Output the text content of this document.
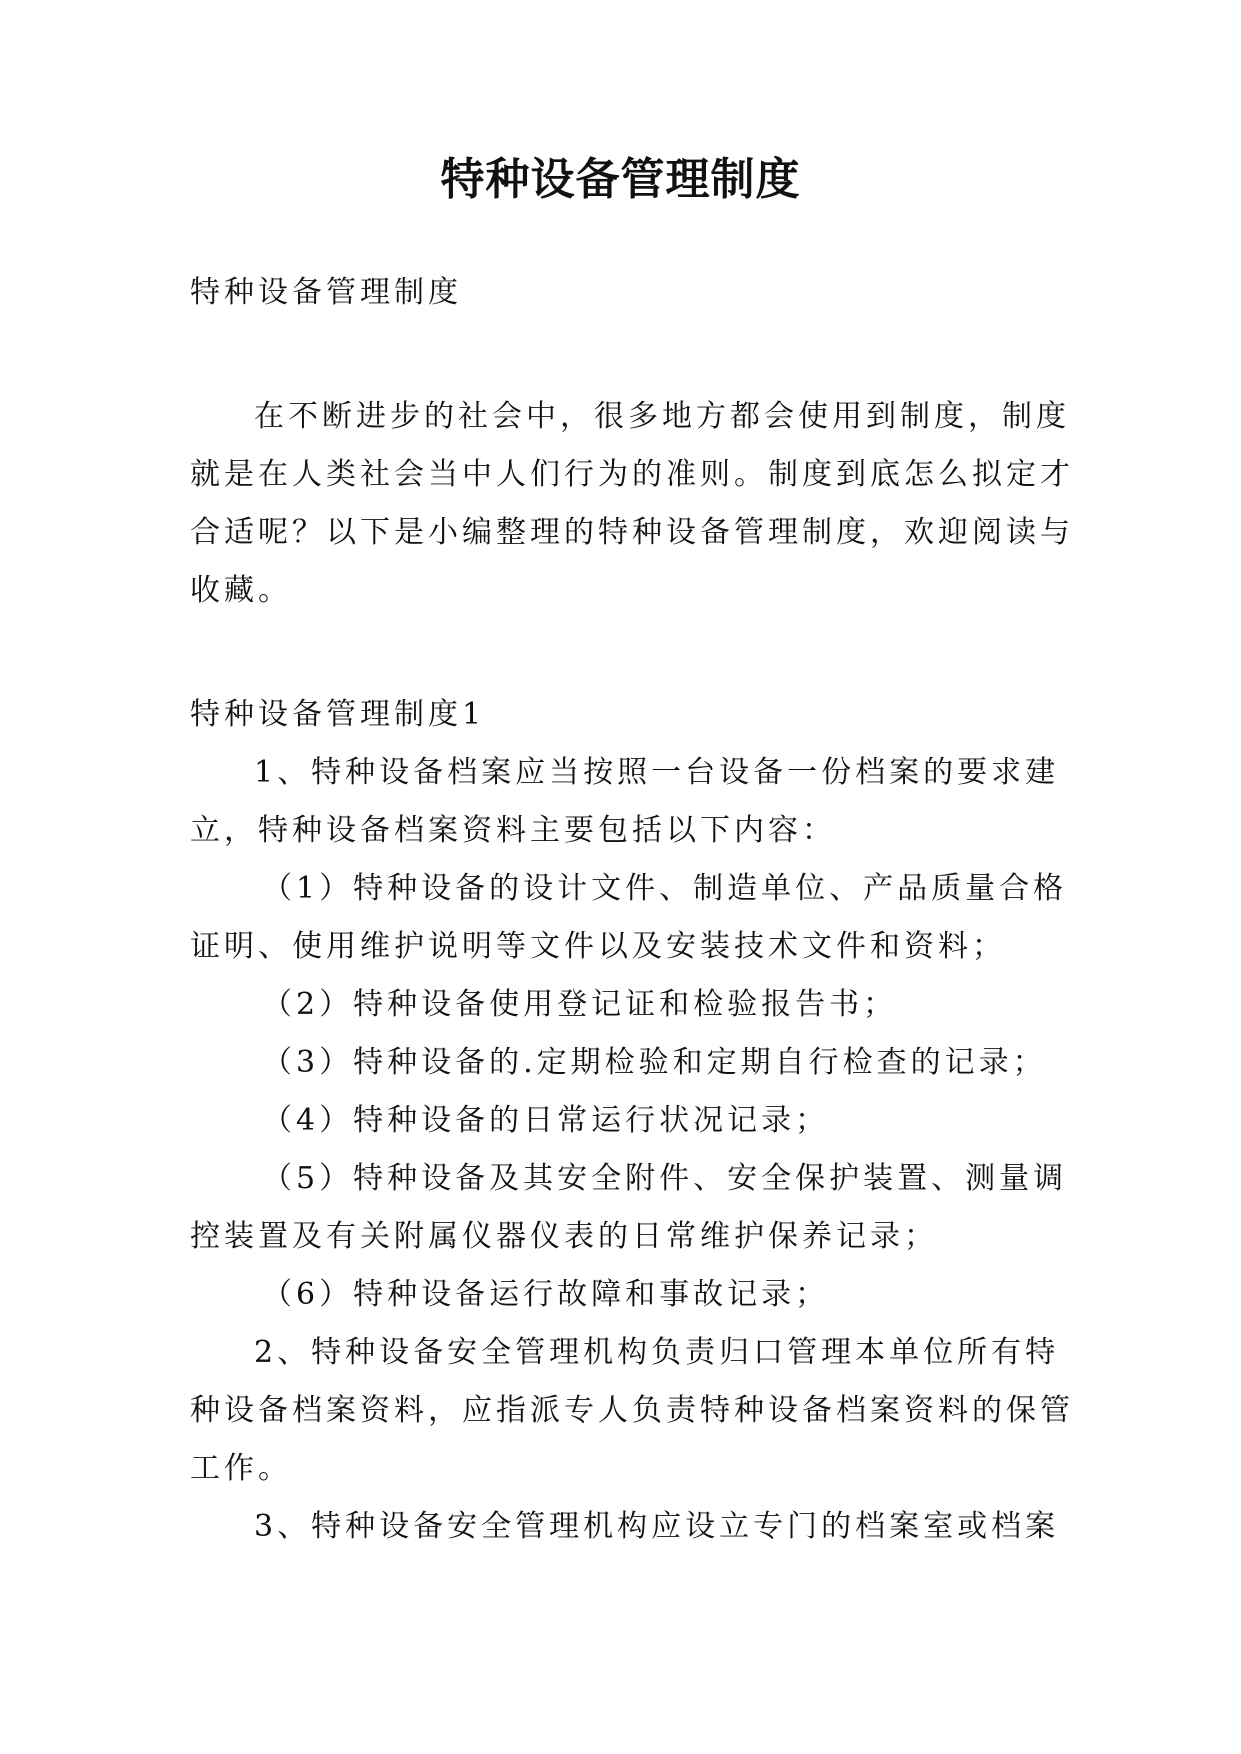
特种设备管理制度
特种设备管理制度
在不断进步的社会中，很多地方都会使用到制度，制度
就是在人类社会当中人们行为的准则。制度到底怎么拟定才
合适呢？以下是小编整理的特种设备管理制度，欢迎阅读与
收藏。
特种设备管理制度1
1、特种设备档案应当按照一台设备一份档案的要求建
立，特种设备档案资料主要包括以下内容：
（1）特种设备的设计文件、制造单位、产品质量合格
证明、使用维护说明等文件以及安装技术文件和资料；
（2）特种设备使用登记证和检验报告书；
（3）特种设备的.定期检验和定期自行检查的记录；
（4）特种设备的日常运行状况记录；
（5）特种设备及其安全附件、安全保护装置、测量调
控装置及有关附属仪器仪表的日常维护保养记录；
（6）特种设备运行故障和事故记录；
2、特种设备安全管理机构负责归口管理本单位所有特
种设备档案资料，应指派专人负责特种设备档案资料的保管
工作。
3、特种设备安全管理机构应设立专门的档案室或档案
